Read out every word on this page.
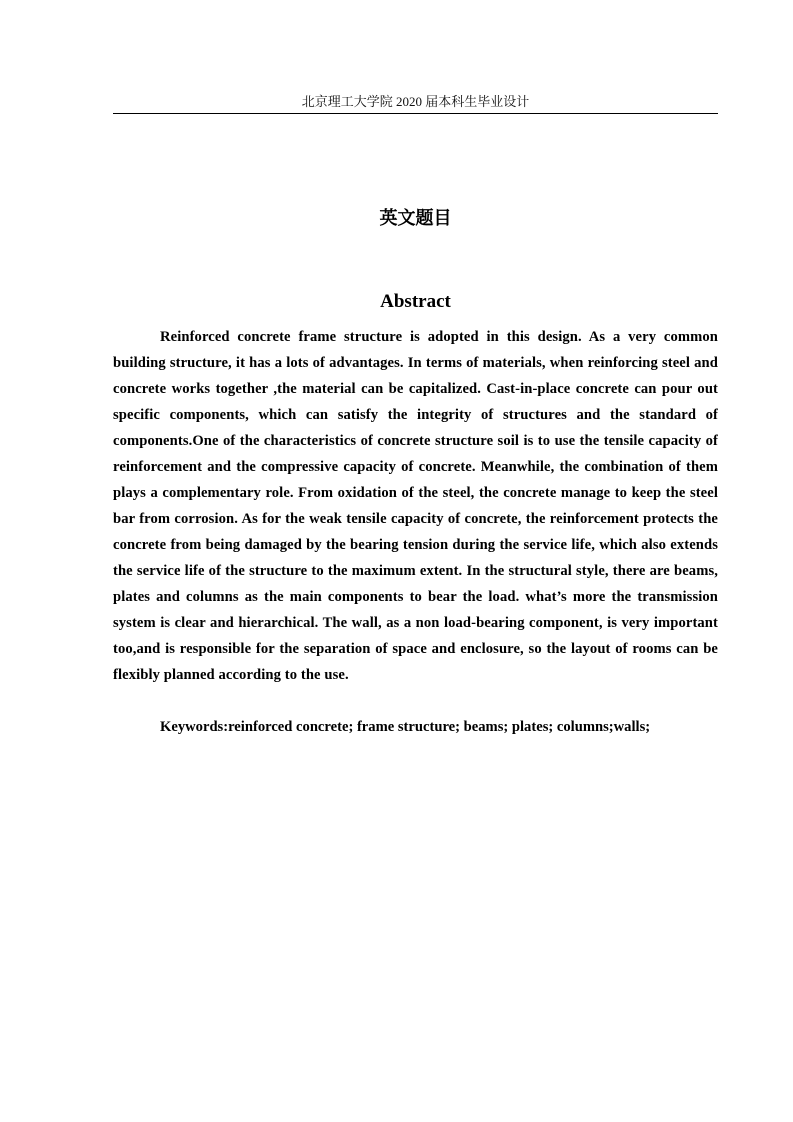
北京理工大学院 2020 届本科生毕业设计
英文题目
Abstract

Reinforced concrete frame structure is adopted in this design. As a very common building structure, it has a lots of advantages. In terms of materials, when reinforcing steel and concrete works together ,the material can be capitalized. Cast-in-place concrete can pour out specific components, which can satisfy the integrity of structures and the standard of components.One of the characteristics of concrete structure soil is to use the tensile capacity of reinforcement and the compressive capacity of concrete. Meanwhile, the combination of them plays a complementary role. From oxidation of the steel, the concrete manage to keep the steel bar from corrosion. As for the weak tensile capacity of concrete, the reinforcement protects the concrete from being damaged by the bearing tension during the service life, which also extends the service life of the structure to the maximum extent. In the structural style, there are beams, plates and columns as the main components to bear the load. what’s more the transmission system is clear and hierarchical. The wall, as a non load-bearing component, is very important too,and is responsible for the separation of space and enclosure, so the layout of rooms can be flexibly planned according to the use.

Keywords:reinforced concrete; frame structure; beams; plates; columns;walls;
